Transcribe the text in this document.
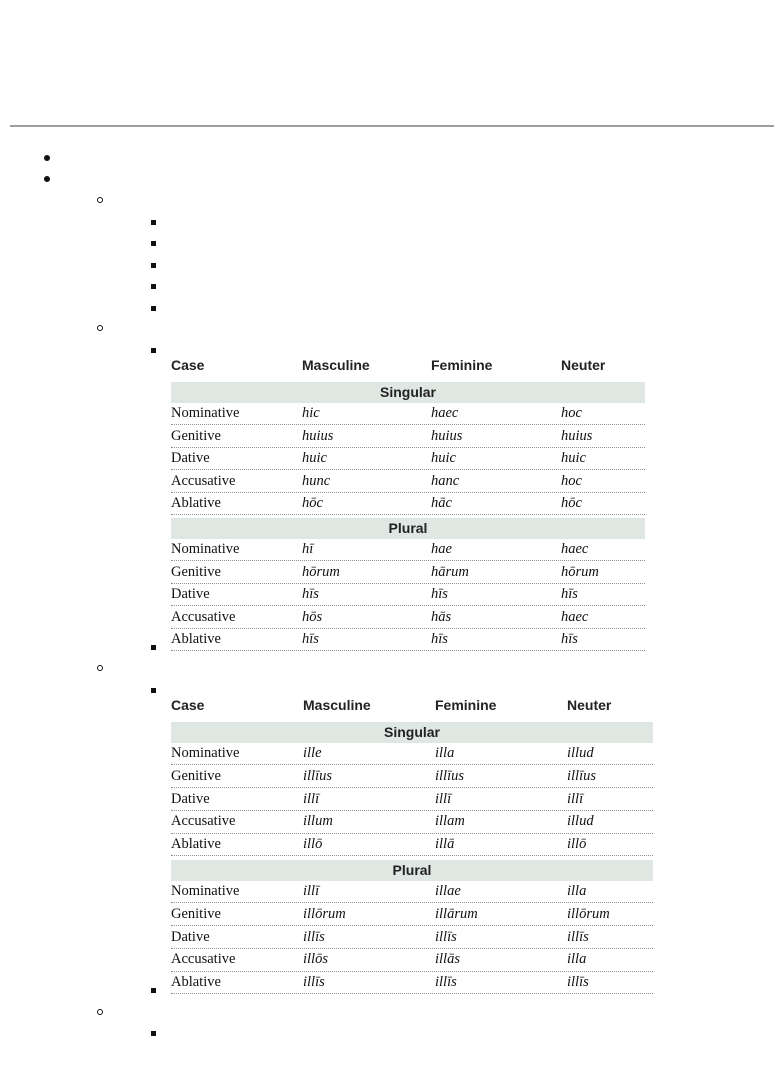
Case	Masculine	Feminine	Neuter
Singular
Nominative	hic	haec	hoc
Genitive	huius	huius	huius
Dative	huic	huic	huic
Accusative	hunc	hanc	hoc
Ablative	hōc	hāc	hōc
Plural
Nominative	hī	hae	haec
Genitive	hōrum	hārum	hōrum
Dative	hīs	hīs	hīs
Accusative	hōs	hās	haec
Ablative	hīs	hīs	hīs
Case	Masculine	Feminine	Neuter
Singular
Nominative	ille	illa	illud
Genitive	illīus	illīus	illīus
Dative	illī	illī	illī
Accusative	illum	illam	illud
Ablative	illō	illā	illō
Plural
Nominative	illī	illae	illa
Genitive	illōrum	illārum	illōrum
Dative	illīs	illīs	illīs
Accusative	illōs	illās	illa
Ablative	illīs	illīs	illīs
